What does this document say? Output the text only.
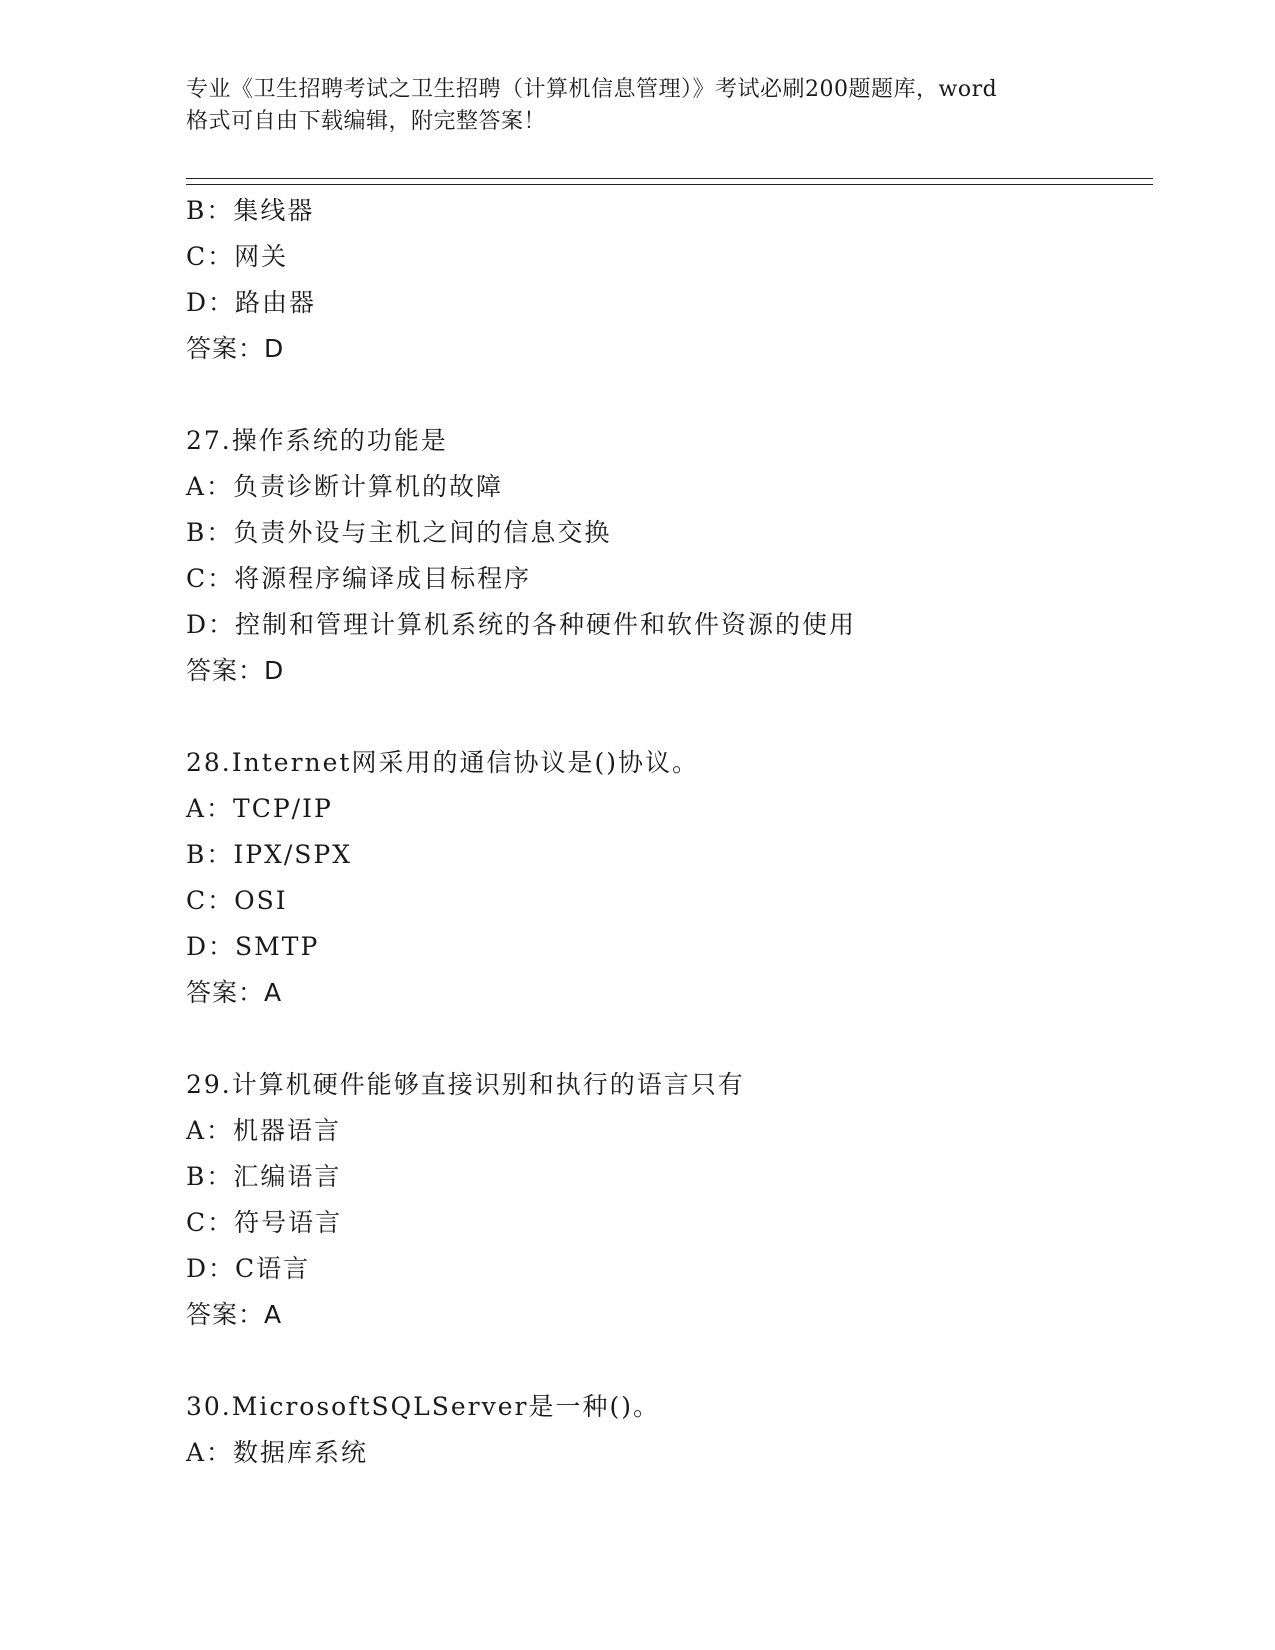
专业《卫生招聘考试之卫生招聘（计算机信息管理）》考试必刷200题题库，word
格式可自由下载编辑，附完整答案！
B：集线器
C：网关
D：路由器
答案：D
27.操作系统的功能是
A：负责诊断计算机的故障
B：负责外设与主机之间的信息交换
C：将源程序编译成目标程序
D：控制和管理计算机系统的各种硬件和软件资源的使用
答案：D
28.Internet网采用的通信协议是()协议。
A：TCP/IP
B：IPX/SPX
C：OSI
D：SMTP
答案：A
29.计算机硬件能够直接识别和执行的语言只有
A：机器语言
B：汇编语言
C：符号语言
D：C语言
答案：A
30.MicrosoftSQLServer是一种()。
A：数据库系统
